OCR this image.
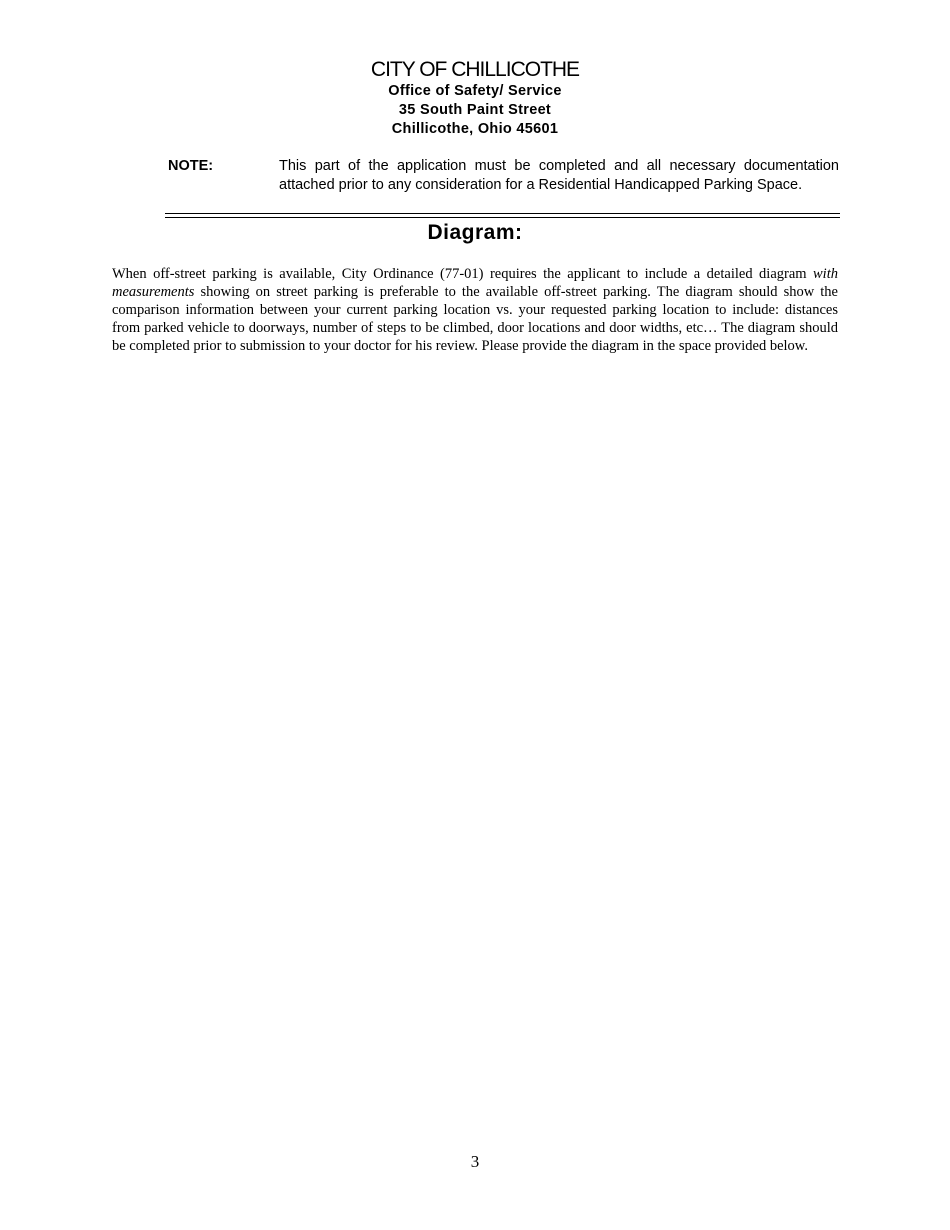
CITY OF CHILLICOTHE
Office of Safety/ Service
35 South Paint Street
Chillicothe, Ohio 45601
NOTE:	This part of the application must be completed and all necessary documentation attached prior to any consideration for a Residential Handicapped Parking Space.
Diagram:
When off-street parking is available, City Ordinance (77-01) requires the applicant to include a detailed diagram with measurements showing on street parking is preferable to the available off-street parking. The diagram should show the comparison information between your current parking location vs. your requested parking location to include: distances from parked vehicle to doorways, number of steps to be climbed, door locations and door widths, etc… The diagram should be completed prior to submission to your doctor for his review. Please provide the diagram in the space provided below.
3
